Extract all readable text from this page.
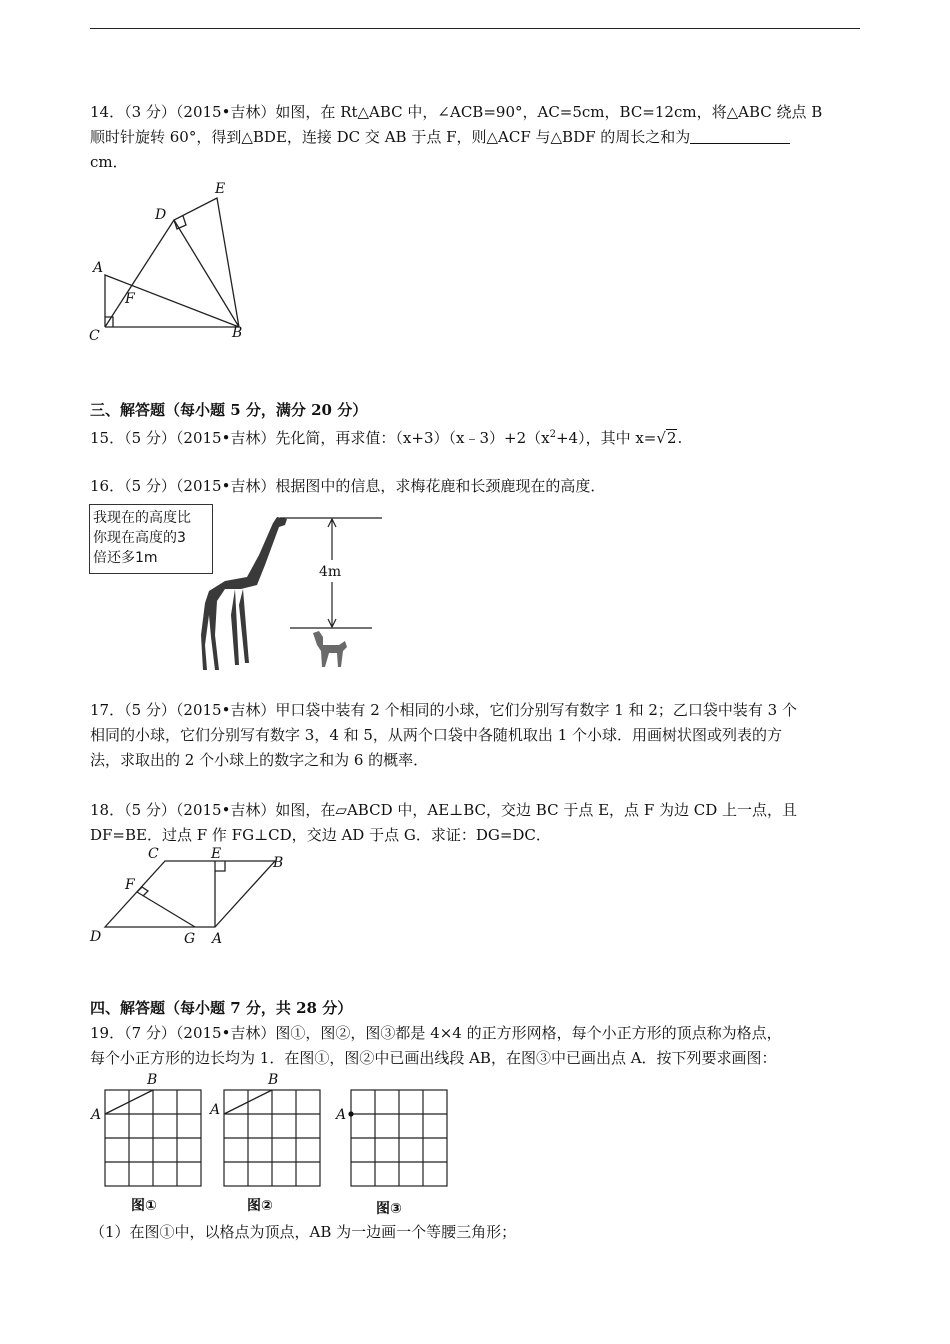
14．（3 分）（2015•吉林）如图，在 Rt△ABC 中，∠ACB=90°，AC=5cm，BC=12cm，将△ABC 绕点 B
顺时针旋转 60°，得到△BDE，连接 DC 交 AB 于点 F，则△ACF 与△BDF 的周长之和为
cm．
E
D
A
F
C	B
三、解答题（每小题 5 分，满分 20 分）
15．（5 分）（2015•吉林）先化简，再求值：$(x+3)(x﹣3)+2(x^2+4)$，其中 x=√2.
16．（5 分）（2015•吉林）根据图中的信息，求梅花鹿和长颈鹿现在的高度．
我现在的高度比
你现在高度的3
倍还多1m
4m
17．（5 分）（2015•吉林）甲口袋中装有 2 个相同的小球，它们分别写有数字 1 和 2；乙口袋中装有 3 个
相同的小球，它们分别写有数字 3，4 和 5，从两个口袋中各随机取出 1 个小球．用画树状图或列表的方
法，求取出的 2 个小球上的数字之和为 6 的概率．
18．（5 分）（2015•吉林）如图，在▱ABCD 中，AE⊥BC，交边 BC 于点 E，点 F 为边 CD 上一点，且
DF=BE．过点 F 作 FG⊥CD，交边 AD 于点 G．求证：DG=DC．
C	E
B
F
D	G A
四、解答题（每小题 7 分，共 28 分）
19．（7 分）（2015•吉林）图①，图②，图③都是 4×4 的正方形网格，每个小正方形的顶点称为格点，
每个小正方形的边长均为 1．在图①，图②中已画出线段 AB，在图③中已画出点 A．按下列要求画图：
A
B
图①
A
B
图②
A
图③
（1）在图①中，以格点为顶点，AB 为一边画一个等腰三角形；
